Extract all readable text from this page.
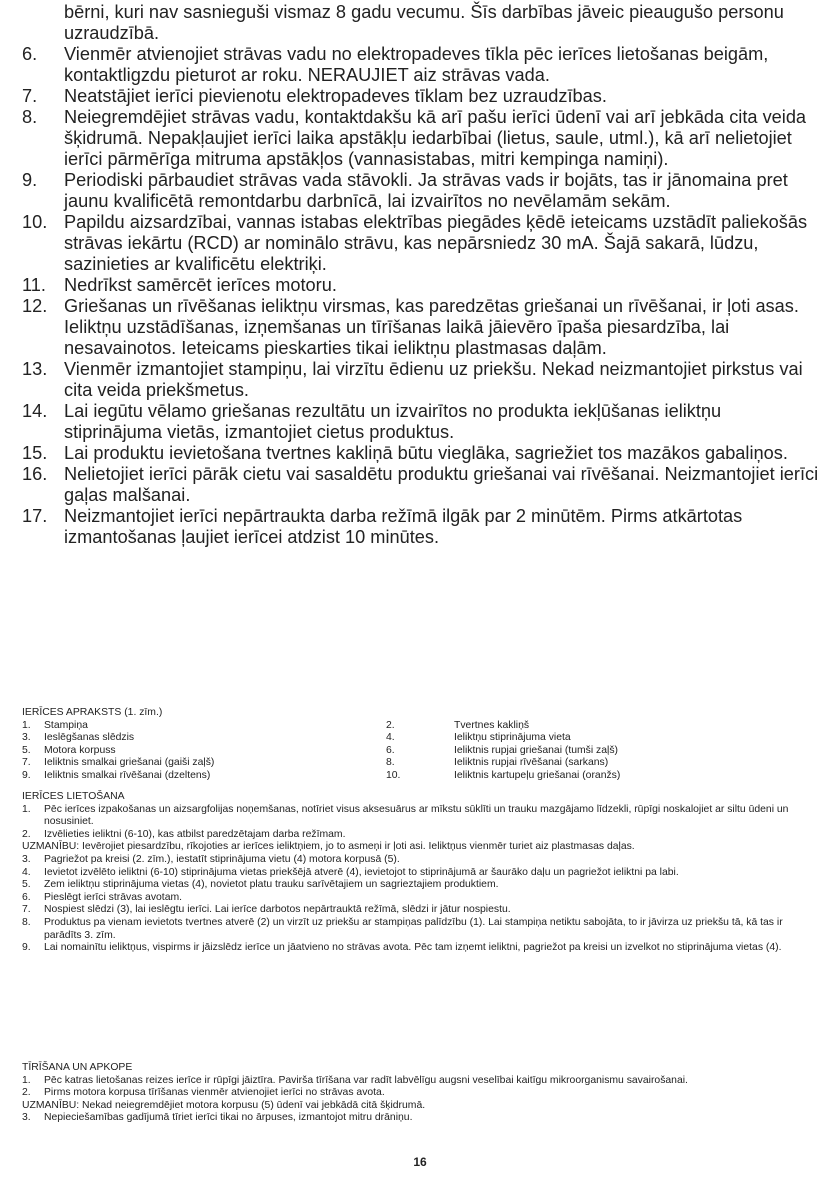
bērni, kuri nav sasnieguši vismaz 8 gadu vecumu. Šīs darbības jāveic pieaugušo personu uzraudzībā.
6.	Vienmēr atvienojiet strāvas vadu no elektropadeves tīkla pēc ierīces lietošanas beigām, kontaktligzdu pieturot ar roku. NERAUJIET aiz strāvas vada.
7.	Neatstājiet ierīci pievienotu elektropadeves tīklam bez uzraudzības.
8.	Neiegremdējiet strāvas vadu, kontaktdakšu kā arī pašu ierīci ūdenī vai arī jebkāda cita veida šķidrumā. Nepakļaujiet ierīci laika apstākļu iedarbībai (lietus, saule, utml.), kā arī nelietojiet ierīci pārmērīga mitruma apstākļos (vannasistabas, mitri kempinga namiņi).
9.	Periodiski pārbaudiet strāvas vada stāvokli. Ja strāvas vads ir bojāts, tas ir jānomaina pret jaunu kvalificētā remontdarbu darbnīcā, lai izvairītos no nevēlamām sekām.
10. Papildu aizsardzībai, vannas istabas elektrības piegādes ķēdē ieteicams uzstādīt paliekošās strāvas iekārtu (RCD) ar nominālo strāvu, kas nepārsniedz 30 mA. Šajā sakarā, lūdzu, sazinieties ar kvalificētu elektriķi.
11. Nedrīkst samērcēt ierīces motoru.
12. Griešanas un rīvēšanas ieliktņu virsmas, kas paredzētas griešanai un rīvēšanai, ir ļoti asas. Ieliktņu uzstādīšanas, izņemšanas un tīrīšanas laikā jāievēro īpaša piesardzība, lai nesavainotos. Ieteicams pieskarties tikai ieliktņu plastmasas daļām.
13. Vienmēr izmantojiet stampiņu, lai virzītu ēdienu uz priekšu. Nekad neizmantojiet pirkstus vai cita veida priekšmetus.
14. Lai iegūtu vēlamo griešanas rezultātu un izvairītos no produkta iekļūšanas ieliktņu stiprinājuma vietās, izmantojiet cietus produktus.
15. Lai produktu ievietošana tvertnes kakliņā būtu vieglāka, sagriežiet tos mazākos gabaliņos.
16. Nelietojiet ierīci pārāk cietu vai sasaldētu produktu griešanai vai rīvēšanai. Neizmantojiet ierīci gaļas malšanai.
17. Neizmantojiet ierīci nepārtraukta darba režīmā ilgāk par 2 minūtēm. Pirms atkārtotas izmantošanas ļaujiet ierīcei atdzist 10 minūtes.
IERĪCES APRAKSTS (1. zīm.)
1.	Stampiņa	2.	Tvertnes kakliņš
3.	Ieslēgšanas slēdzis	4.	Ieliktņu stiprinājuma vieta
5.	Motora korpuss	6.	Ieliktnis rupjai griešanai (tumši zaļš)
7.	Ieliktnis smalkai griešanai (gaiši zaļš)	8.	Ieliktnis rupjai rīvēšanai (sarkans)
9.	Ieliktnis smalkai rīvēšanai (dzeltens)	10.	Ieliktnis kartupeļu griešanai (oranžs)
IERĪCES LIETOŠANA
1.	Pēc ierīces izpakošanas un aizsargfolijas noņemšanas, notīriet visus aksesuārus ar mīkstu sūklīti un trauku mazgājamo līdzekli, rūpīgi noskalojiet ar siltu ūdeni un nosusiniet.
2.	Izvēlieties ieliktni (6-10), kas atbilst paredzētajam darba režīmam.
UZMANĪBU: Ievērojiet piesardzību, rīkojoties ar ierīces ieliktņiem, jo to asmeņi ir ļoti asi. Ieliktņus vienmēr turiet aiz plastmasas daļas.
3.	Pagriežot pa kreisi (2. zīm.), iestatīt stiprinājuma vietu (4) motora korpusā (5).
4.	Ievietot izvēlēto ieliktni (6-10) stiprinājuma vietas priekšējā atverē (4), ievietojot to stiprinājumā ar šaurāko daļu un pagriežot ieliktni pa labi.
5.	Zem ieliktņu stiprinājuma vietas (4), novietot platu trauku sarīvētajiem un sagrieztajiem produktiem.
6.	Pieslēgt ierīci strāvas avotam.
7.	Nospiest slēdzi (3), lai ieslēgtu ierīci. Lai ierīce darbotos nepārtrauktā režīmā, slēdzi ir jātur nospiestu.
8.	Produktus pa vienam ievietots tvertnes atverē (2) un virzīt uz priekšu ar stampiņas palīdzību (1). Lai stampiņa netiktu sabojāta, to ir jāvirza uz priekšu tā, kā tas ir parādīts 3. zīm.
9.	Lai nomainītu ieliktņus, vispirms ir jāizslēdz ierīce un jāatvieno no strāvas avota. Pēc tam izņemt ieliktni, pagriežot pa kreisi un izvelkot no stiprinājuma vietas (4).
TĪRĪŠANA UN APKOPE
1.	Pēc katras lietošanas reizes ierīce ir rūpīgi jāiztīra. Pavirša tīrīšana var radīt labvēlīgu augsni veselībai kaitīgu mikroorganismu savairošanai.
2.	Pirms motora korpusa tīrīšanas vienmēr atvienojiet ierīci no strāvas avota.
UZMANĪBU: Nekad neiegremdējiet motora korpusu (5) ūdenī vai jebkādā citā šķidrumā.
3.	Nepieciešamības gadījumā tīriet ierīci tikai no ārpuses, izmantojot mitru drāniņu.
16
